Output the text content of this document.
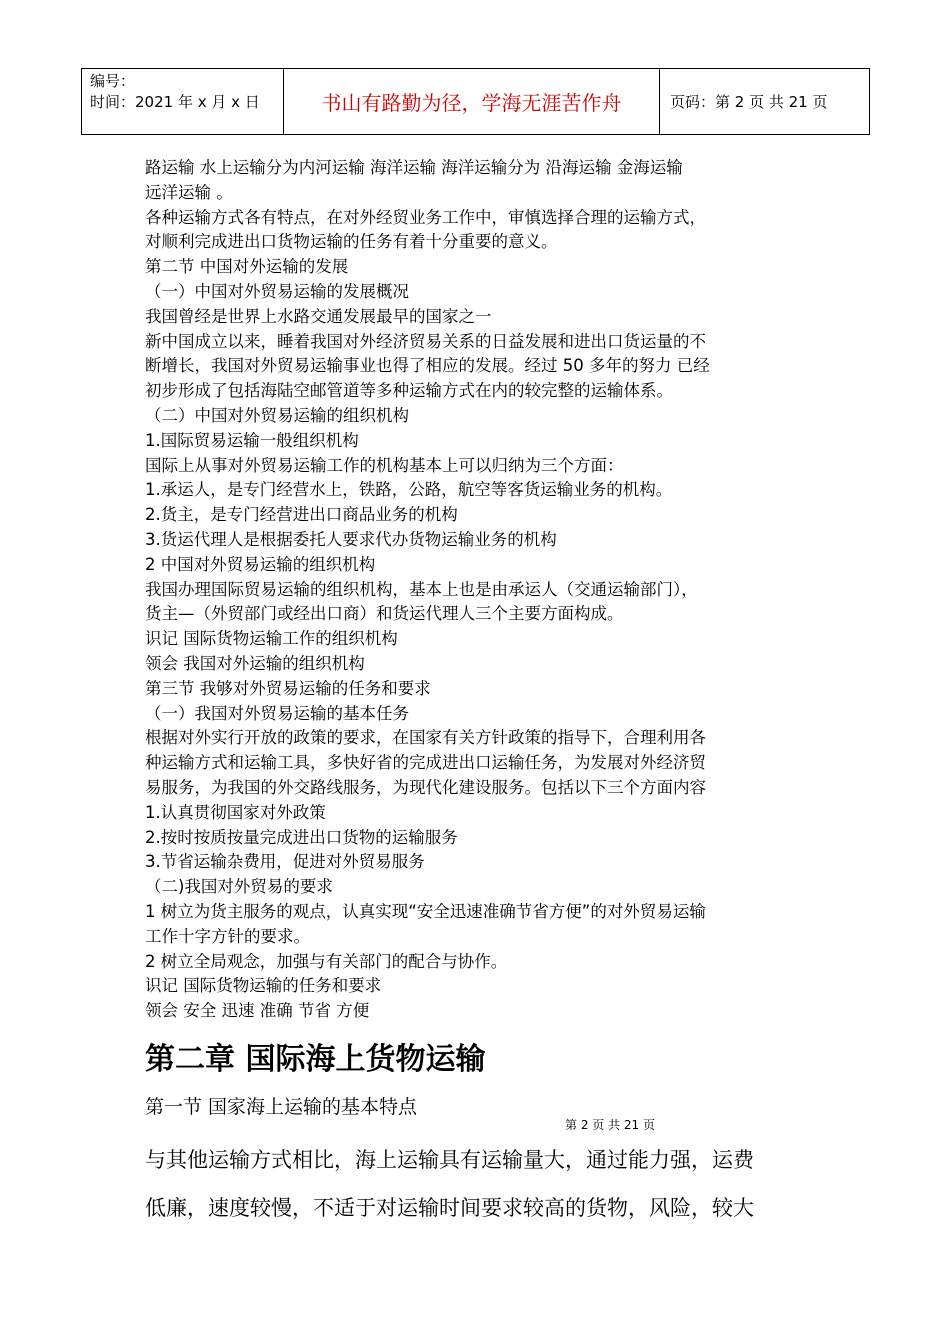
编号：
时间：2021 年 x 月 x 日	书山有路勤为径，学海无涯苦作舟	页码：第 2 页 共 21 页

路运输 水上运输分为内河运输 海洋运输 海洋运输分为 沿海运输 金海运输

远洋运输 。

各种运输方式各有特点，在对外经贸业务工作中，审慎选择合理的运输方式，

对顺利完成进出口货物运输的任务有着十分重要的意义。

第二节 中国对外运输的发展

（一）中国对外贸易运输的发展概况

我国曾经是世界上水路交通发展最早的国家之一

新中国成立以来，睡着我国对外经济贸易关系的日益发展和进出口货运量的不

断增长，我国对外贸易运输事业也得了相应的发展。经过 50 多年的努力 已经

初步形成了包括海陆空邮管道等多种运输方式在内的较完整的运输体系。

（二）中国对外贸易运输的组织机构

1.国际贸易运输一般组织机构

国际上从事对外贸易运输工作的机构基本上可以归纳为三个方面：

1.承运人，是专门经营水上，铁路，公路，航空等客货运输业务的机构。

2.货主，是专门经营进出口商品业务的机构

3.货运代理人是根据委托人要求代办货物运输业务的机构

2 中国对外贸易运输的组织机构

我国办理国际贸易运输的组织机构，基本上也是由承运人（交通运输部门），

货主—（外贸部门或经出口商）和货运代理人三个主要方面构成。

识记 国际货物运输工作的组织机构

领会 我国对外运输的组织机构

第三节 我够对外贸易运输的任务和要求

（一）我国对外贸易运输的基本任务

根据对外实行开放的政策的要求，在国家有关方针政策的指导下，合理利用各

种运输方式和运输工具，多快好省的完成进出口运输任务，为发展对外经济贸

易服务，为我国的外交路线服务，为现代化建设服务。包括以下三个方面内容

1.认真贯彻国家对外政策

2.按时按质按量完成进出口货物的运输服务

3.节省运输杂费用，促进对外贸易服务

（二)我国对外贸易的要求

1 树立为货主服务的观点，认真实现“安全迅速准确节省方便”的对外贸易运输

工作十字方针的要求。

2 树立全局观念，加强与有关部门的配合与协作。

识记 国际货物运输的任务和要求

领会 安全 迅速 准确 节省 方便

第二章 国际海上货物运输
第一节 国家海上运输的基本特点
第 2 页 共 21 页

与其他运输方式相比，海上运输具有运输量大，通过能力强，运费

低廉，速度较慢，不适于对运输时间要求较高的货物，风险，较大
